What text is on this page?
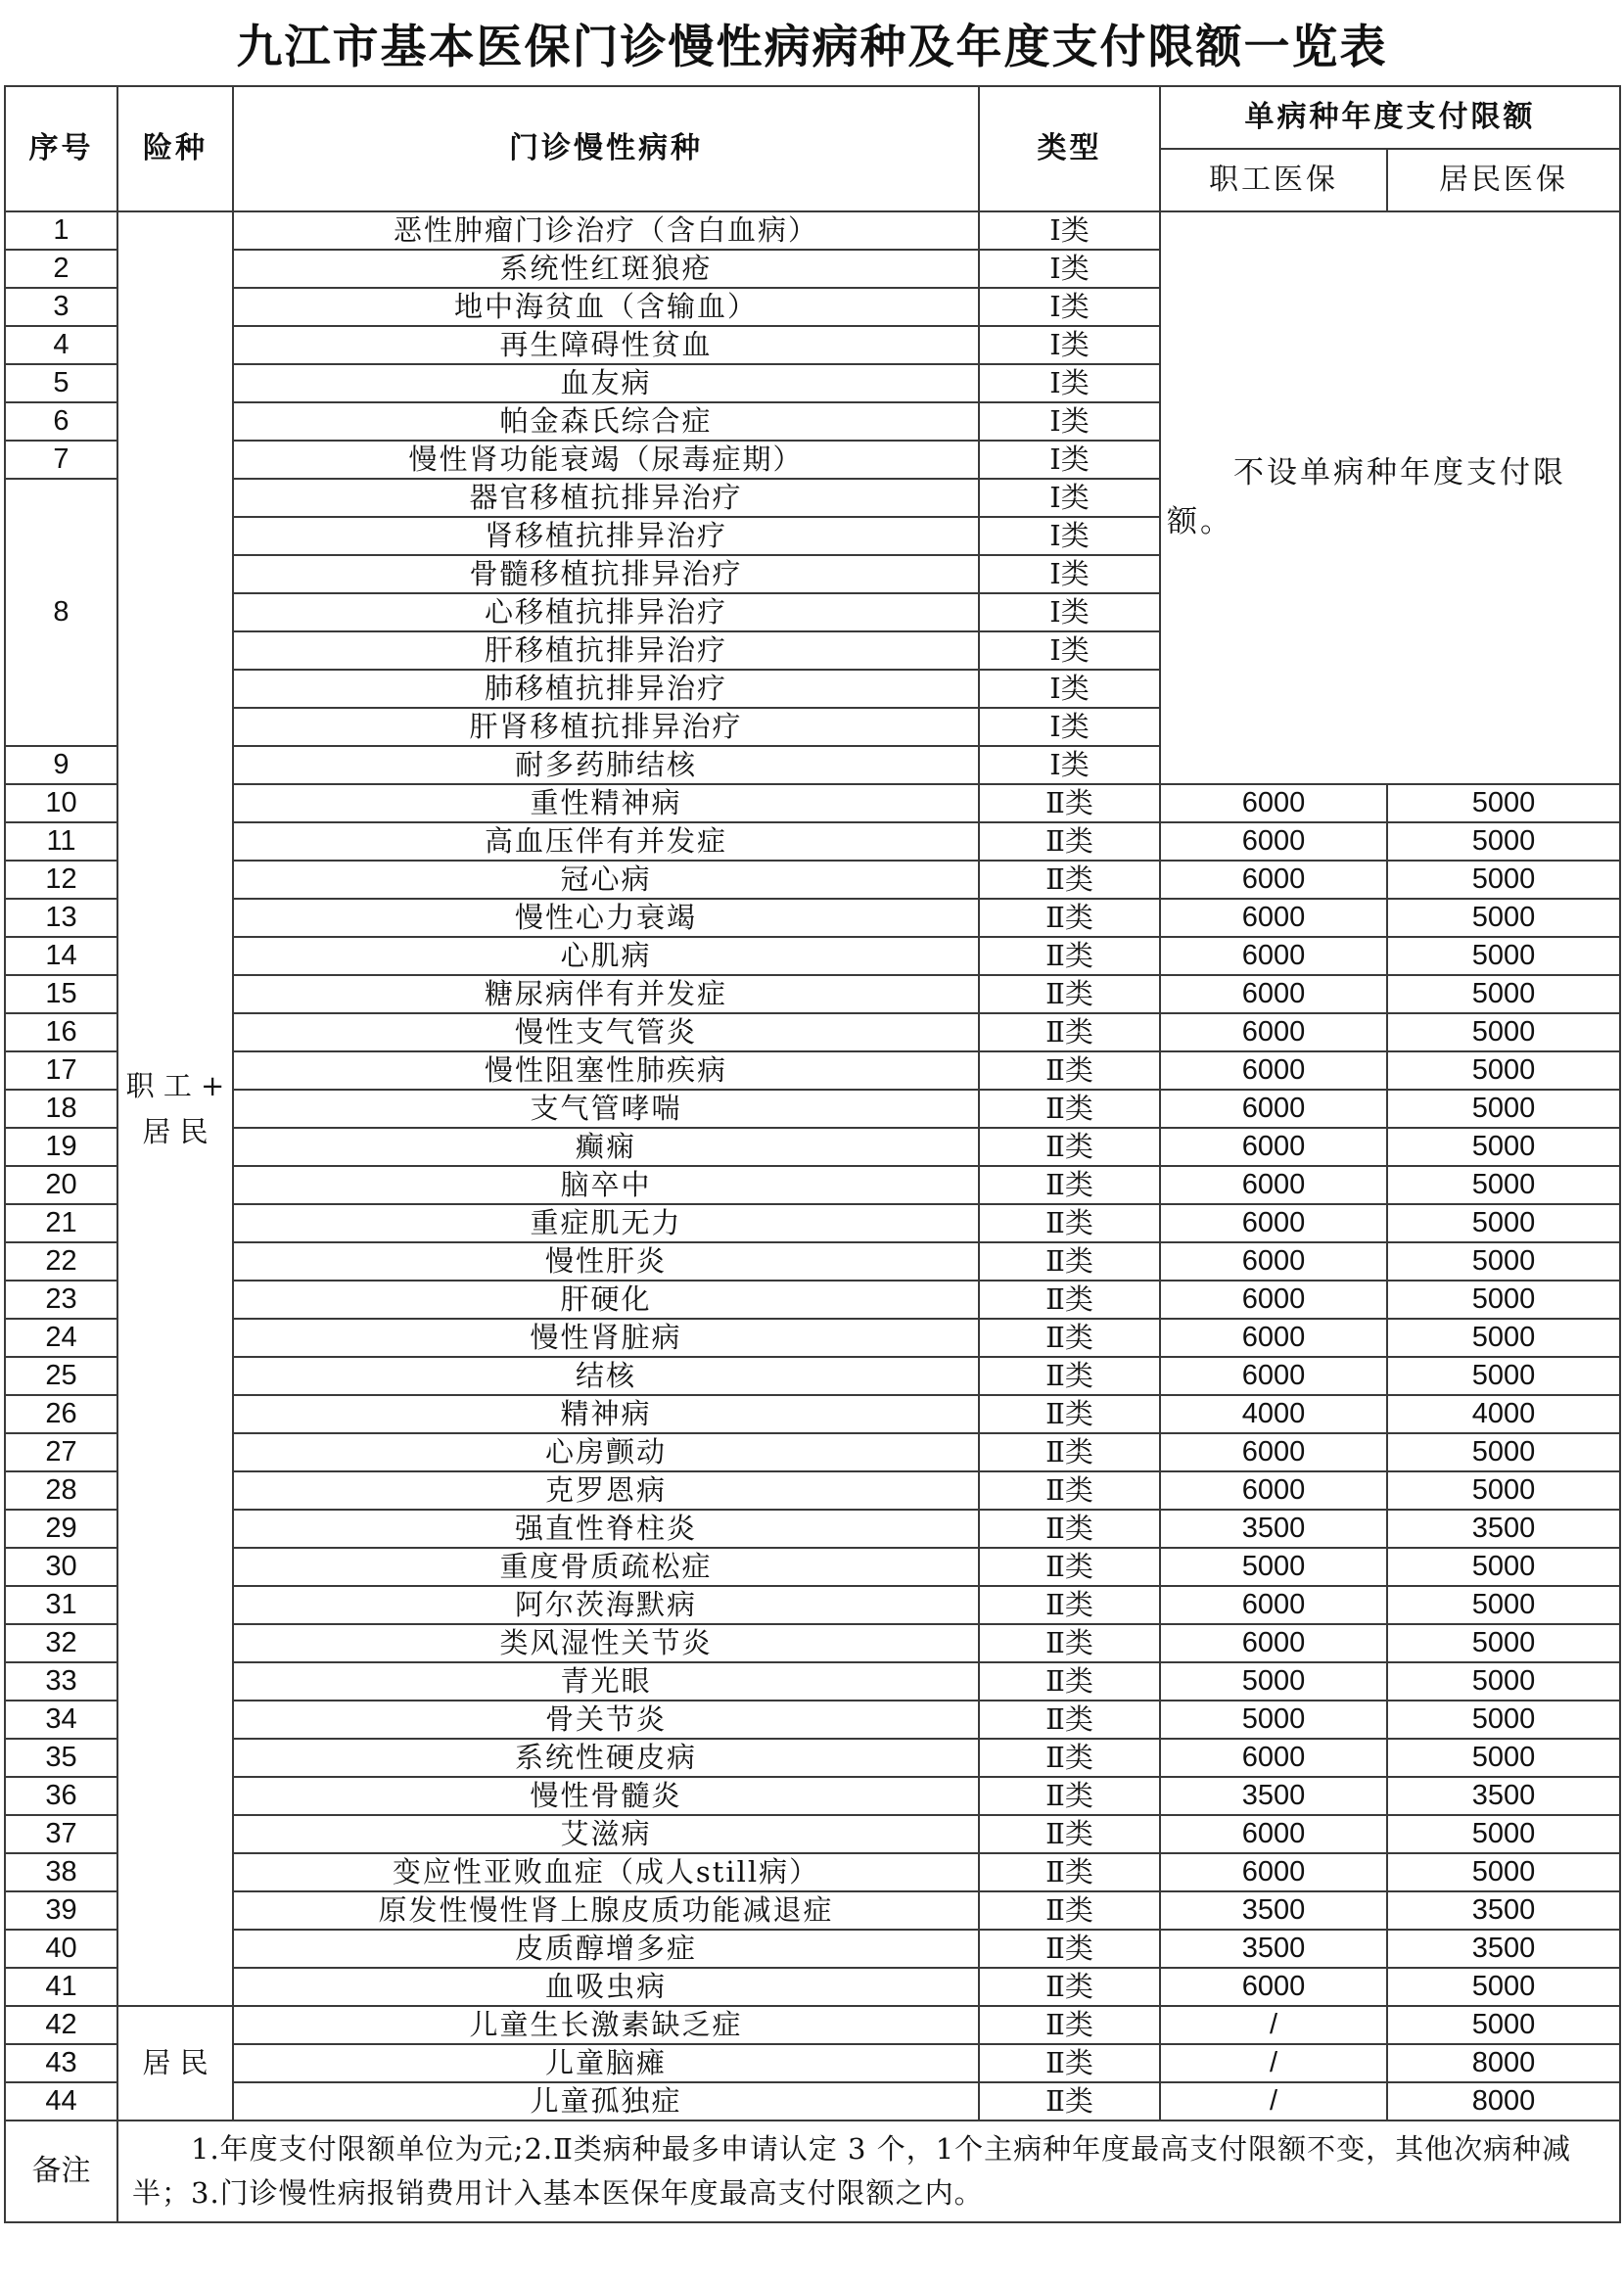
九江市基本医保门诊慢性病病种及年度支付限额一览表
序号	险种	门诊慢性病种	类型	单病种年度支付限额	
				职工医保	居民医保
1	职 工 + 居 民	恶性肿瘤门诊治疗（含白血病）	Ⅰ类	　　不设单病种年度支付限额。	
2		系统性红斑狼疮	Ⅰ类		
3		地中海贫血（含输血）	Ⅰ类		
4		再生障碍性贫血	Ⅰ类		
5		血友病	Ⅰ类		
6		帕金森氏综合症	Ⅰ类		
7		慢性肾功能衰竭（尿毒症期）	Ⅰ类		
8		器官移植抗排异治疗	Ⅰ类		
		肾移植抗排异治疗	Ⅰ类		
		骨髓移植抗排异治疗	Ⅰ类		
		心移植抗排异治疗	Ⅰ类		
		肝移植抗排异治疗	Ⅰ类		
		肺移植抗排异治疗	Ⅰ类		
		肝肾移植抗排异治疗	Ⅰ类		
9		耐多药肺结核	Ⅰ类		
10		重性精神病	Ⅱ类	6000	5000
11		高血压伴有并发症	Ⅱ类	6000	5000
12		冠心病	Ⅱ类	6000	5000
13		慢性心力衰竭	Ⅱ类	6000	5000
14		心肌病	Ⅱ类	6000	5000
15		糖尿病伴有并发症	Ⅱ类	6000	5000
16		慢性支气管炎	Ⅱ类	6000	5000
17		慢性阻塞性肺疾病	Ⅱ类	6000	5000
18		支气管哮喘	Ⅱ类	6000	5000
19		癫痫	Ⅱ类	6000	5000
20		脑卒中	Ⅱ类	6000	5000
21		重症肌无力	Ⅱ类	6000	5000
22		慢性肝炎	Ⅱ类	6000	5000
23		肝硬化	Ⅱ类	6000	5000
24		慢性肾脏病	Ⅱ类	6000	5000
25		结核	Ⅱ类	6000	5000
26		精神病	Ⅱ类	4000	4000
27		心房颤动	Ⅱ类	6000	5000
28		克罗恩病	Ⅱ类	6000	5000
29		强直性脊柱炎	Ⅱ类	3500	3500
30		重度骨质疏松症	Ⅱ类	5000	5000
31		阿尔茨海默病	Ⅱ类	6000	5000
32		类风湿性关节炎	Ⅱ类	6000	5000
33		青光眼	Ⅱ类	5000	5000
34		骨关节炎	Ⅱ类	5000	5000
35		系统性硬皮病	Ⅱ类	6000	5000
36		慢性骨髓炎	Ⅱ类	3500	3500
37		艾滋病	Ⅱ类	6000	5000
38		变应性亚败血症（成人still病）	Ⅱ类	6000	5000
39		原发性慢性肾上腺皮质功能减退症	Ⅱ类	3500	3500
40		皮质醇增多症	Ⅱ类	3500	3500
41		血吸虫病	Ⅱ类	6000	5000
42	居 民	儿童生长激素缺乏症	Ⅱ类	/	5000
43		儿童脑瘫	Ⅱ类	/	8000
44		儿童孤独症	Ⅱ类	/	8000
备注	　　1.年度支付限额单位为元;2.Ⅱ类病种最多申请认定 3 个，1个主病种年度最高支付限额不变，其他次病种减半；3.门诊慢性病报销费用计入基本医保年度最高支付限额之内。				
